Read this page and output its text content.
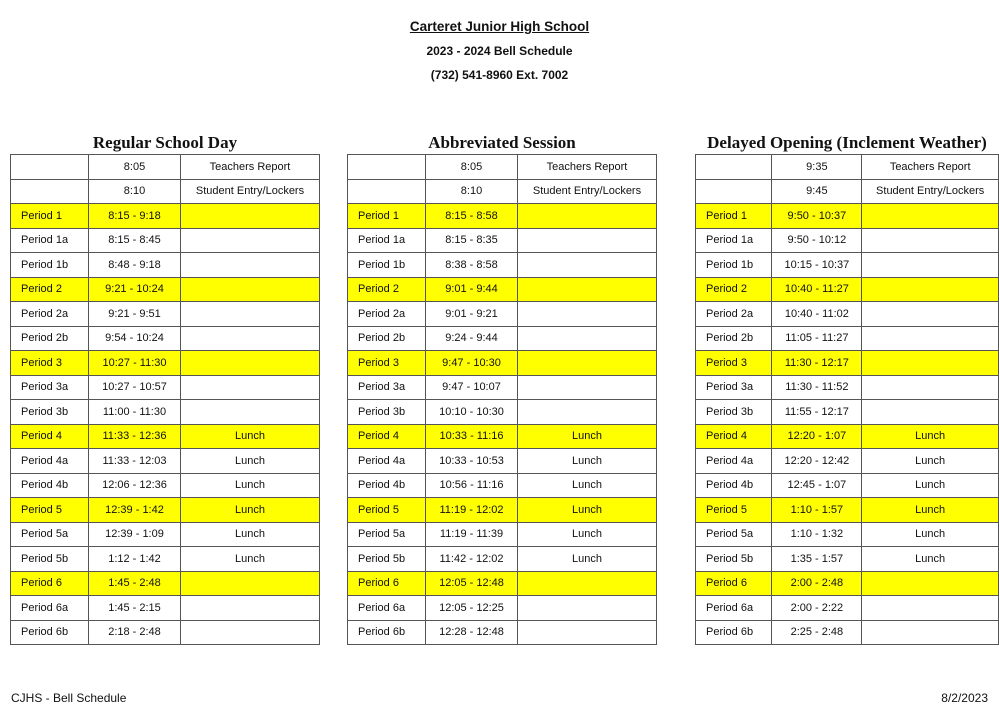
Carteret Junior High School
2023 - 2024 Bell Schedule
(732) 541-8960 Ext. 7002
Regular School Day
	8:05	Teachers Report
	8:10	Student Entry/Lockers
Period 1	8:15 - 9:18	
Period 1a	8:15 - 8:45	
Period 1b	8:48 - 9:18	
Period 2	9:21 - 10:24	
Period 2a	9:21 - 9:51	
Period 2b	9:54 - 10:24	
Period 3	10:27 - 11:30	
Period 3a	10:27 - 10:57	
Period 3b	11:00 - 11:30	
Period 4	11:33 - 12:36	Lunch
Period 4a	11:33 - 12:03	Lunch
Period 4b	12:06 - 12:36	Lunch
Period 5	12:39 - 1:42	Lunch
Period 5a	12:39 - 1:09	Lunch
Period 5b	1:12 - 1:42	Lunch
Period 6	1:45 - 2:48	
Period 6a	1:45 - 2:15	
Period 6b	2:18 - 2:48	
Abbreviated Session
	8:05	Teachers Report
	8:10	Student Entry/Lockers
Period 1	8:15 - 8:58	
Period 1a	8:15 - 8:35	
Period 1b	8:38 - 8:58	
Period 2	9:01 - 9:44	
Period 2a	9:01 - 9:21	
Period 2b	9:24 - 9:44	
Period 3	9:47 - 10:30	
Period 3a	9:47 - 10:07	
Period 3b	10:10 - 10:30	
Period 4	10:33 - 11:16	Lunch
Period 4a	10:33 - 10:53	Lunch
Period 4b	10:56 - 11:16	Lunch
Period 5	11:19 - 12:02	Lunch
Period 5a	11:19 - 11:39	Lunch
Period 5b	11:42 - 12:02	Lunch
Period 6	12:05 - 12:48	
Period 6a	12:05 - 12:25	
Period 6b	12:28 - 12:48	
Delayed Opening (Inclement Weather)
	9:35	Teachers Report
	9:45	Student Entry/Lockers
Period 1	9:50 - 10:37	
Period 1a	9:50 - 10:12	
Period 1b	10:15 - 10:37	
Period 2	10:40 - 11:27	
Period 2a	10:40 - 11:02	
Period 2b	11:05 - 11:27	
Period 3	11:30 - 12:17	
Period 3a	11:30 - 11:52	
Period 3b	11:55 - 12:17	
Period 4	12:20 - 1:07	Lunch
Period 4a	12:20 - 12:42	Lunch
Period 4b	12:45 - 1:07	Lunch
Period 5	1:10 - 1:57	Lunch
Period 5a	1:10 - 1:32	Lunch
Period 5b	1:35 - 1:57	Lunch
Period 6	2:00 - 2:48	
Period 6a	2:00 - 2:22	
Period 6b	2:25 - 2:48	
CJHS - Bell Schedule	8/2/2023
